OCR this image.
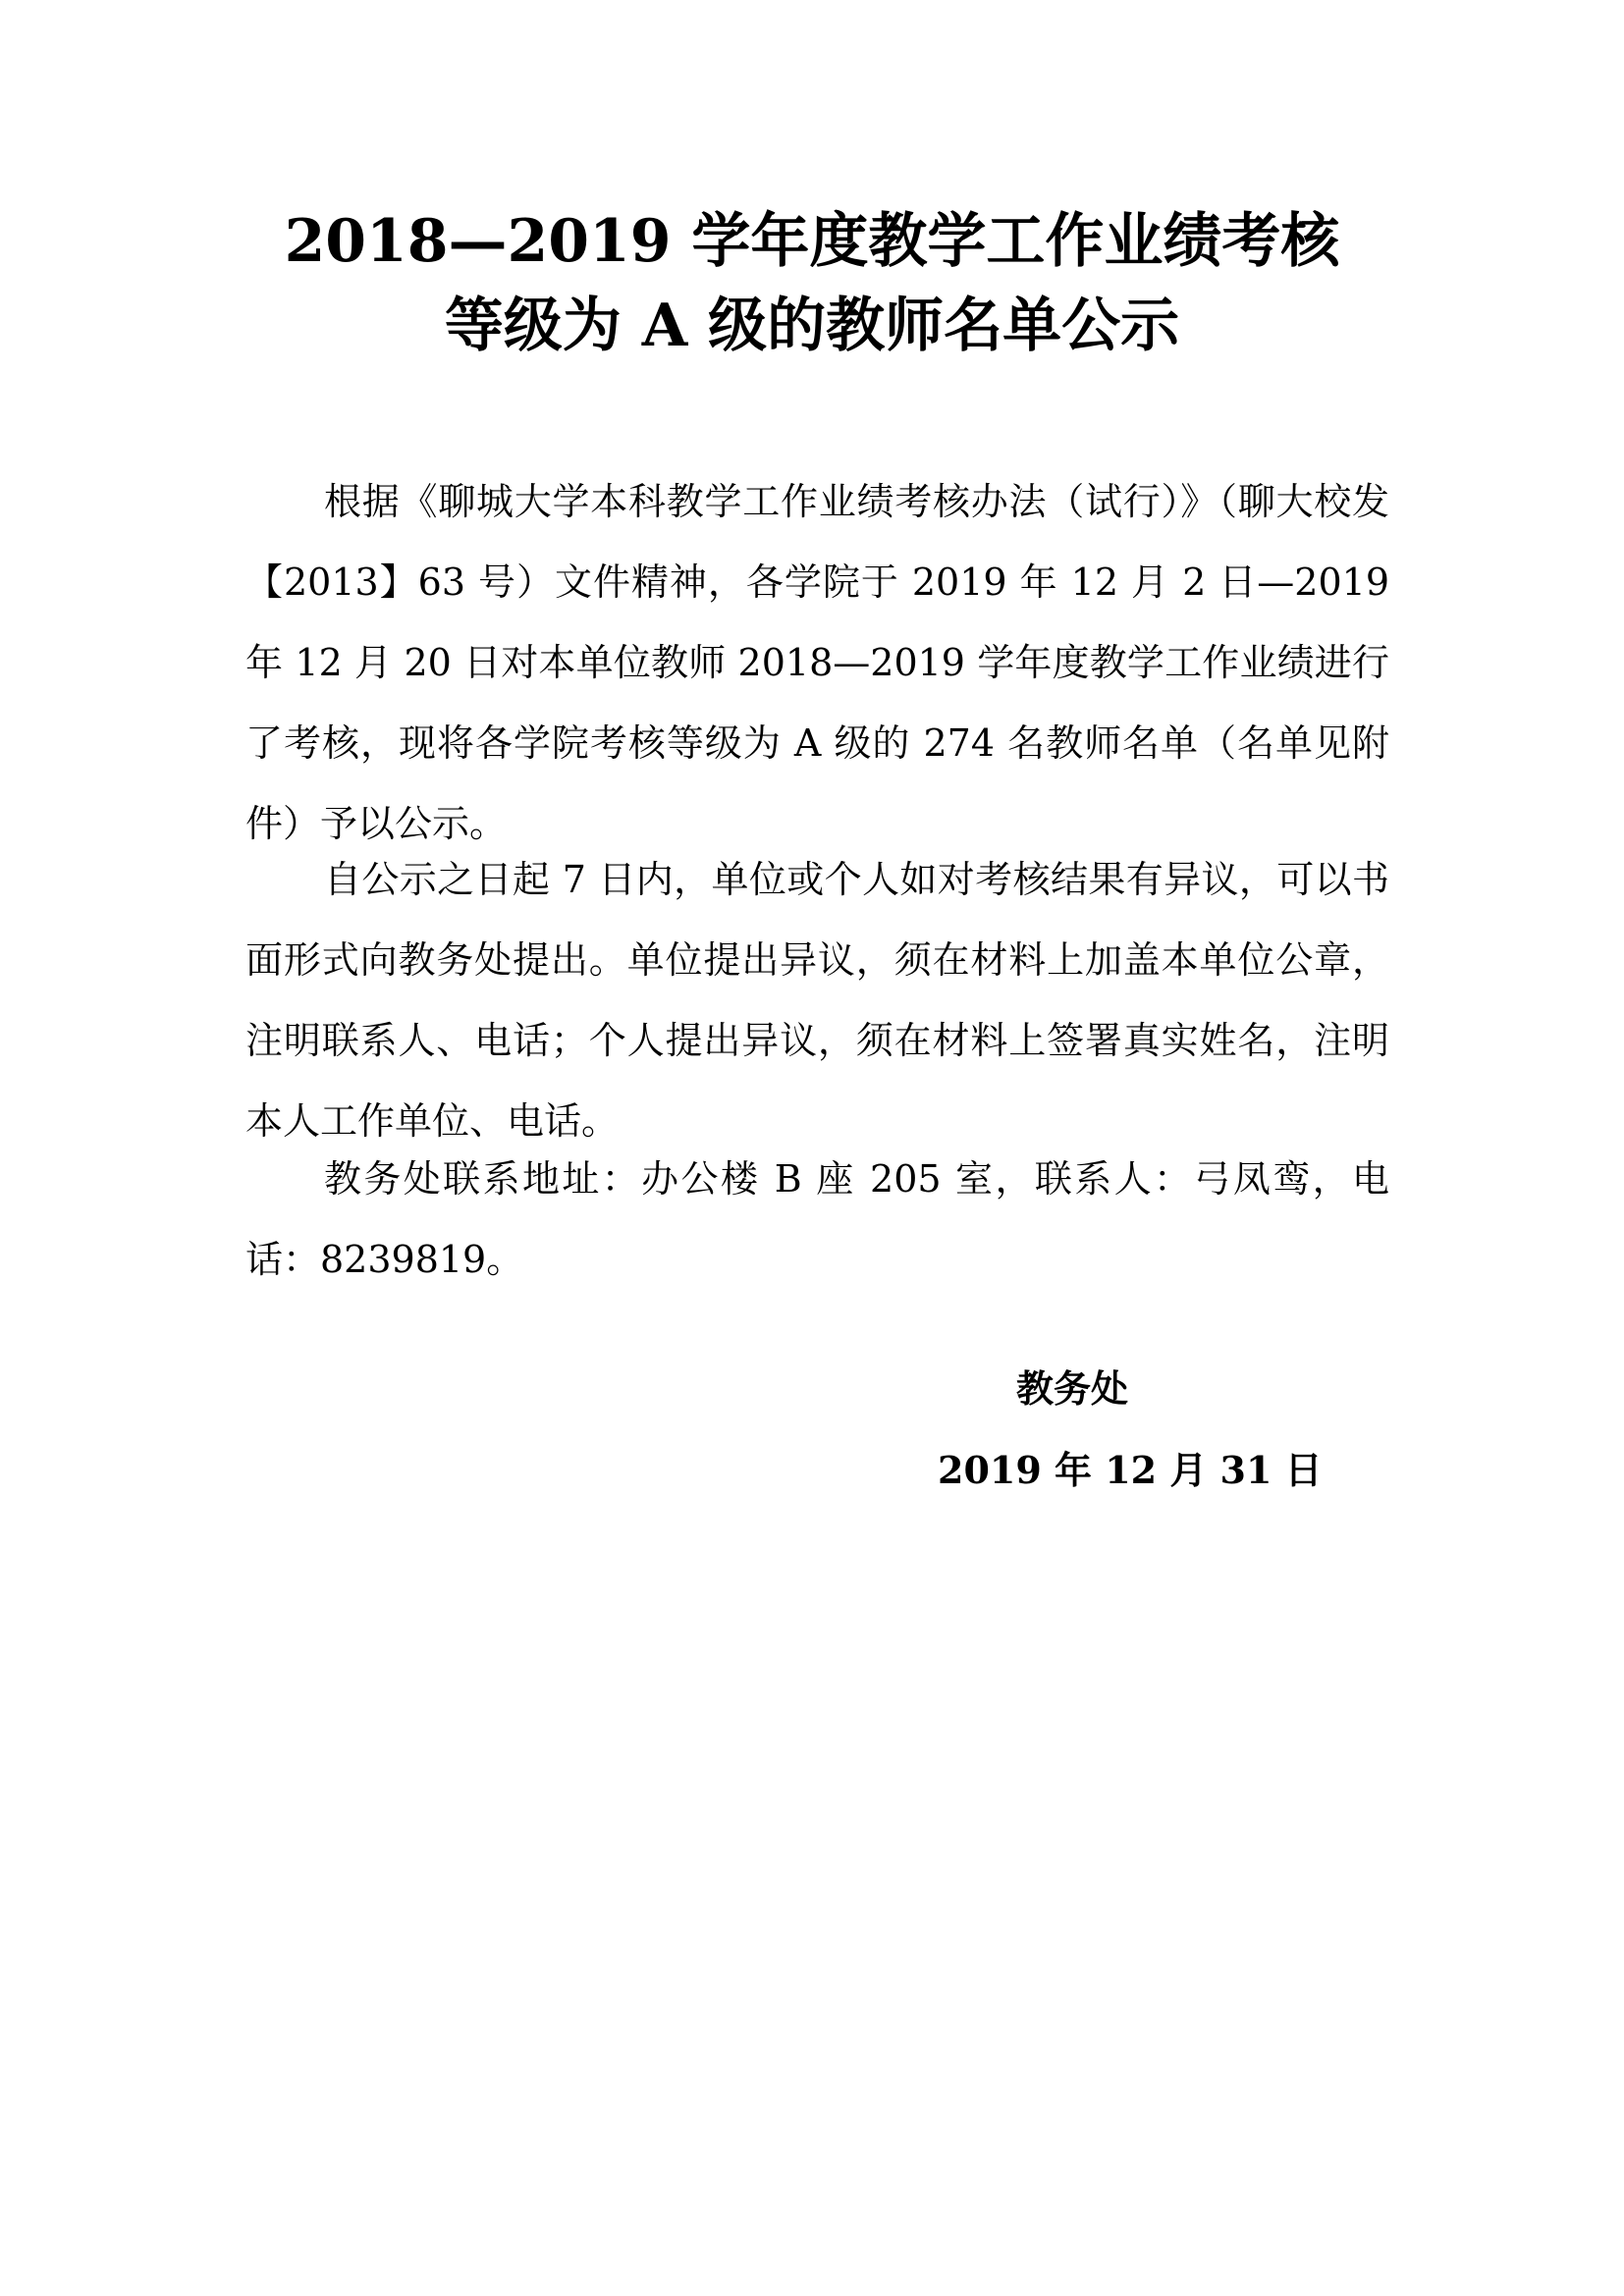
2018—2019 学年度教学工作业绩考核
等级为 A 级的教师名单公示

根据《聊城大学本科教学工作业绩考核办法（试行）》（聊大校发【2013】63 号）文件精神，各学院于 2019 年 12 月 2 日—2019 年 12 月 20 日对本单位教师 2018—2019 学年度教学工作业绩进行了考核，现将各学院考核等级为 A 级的 274 名教师名单（名单见附件）予以公示。

自公示之日起 7 日内，单位或个人如对考核结果有异议，可以书面形式向教务处提出。单位提出异议，须在材料上加盖本单位公章，注明联系人、电话；个人提出异议，须在材料上签署真实姓名，注明本人工作单位、电话。

教务处联系地址：办公楼 B 座 205 室，联系人：弓凤鸾，电话：8239819。

教务处
2019 年 12 月 31 日
